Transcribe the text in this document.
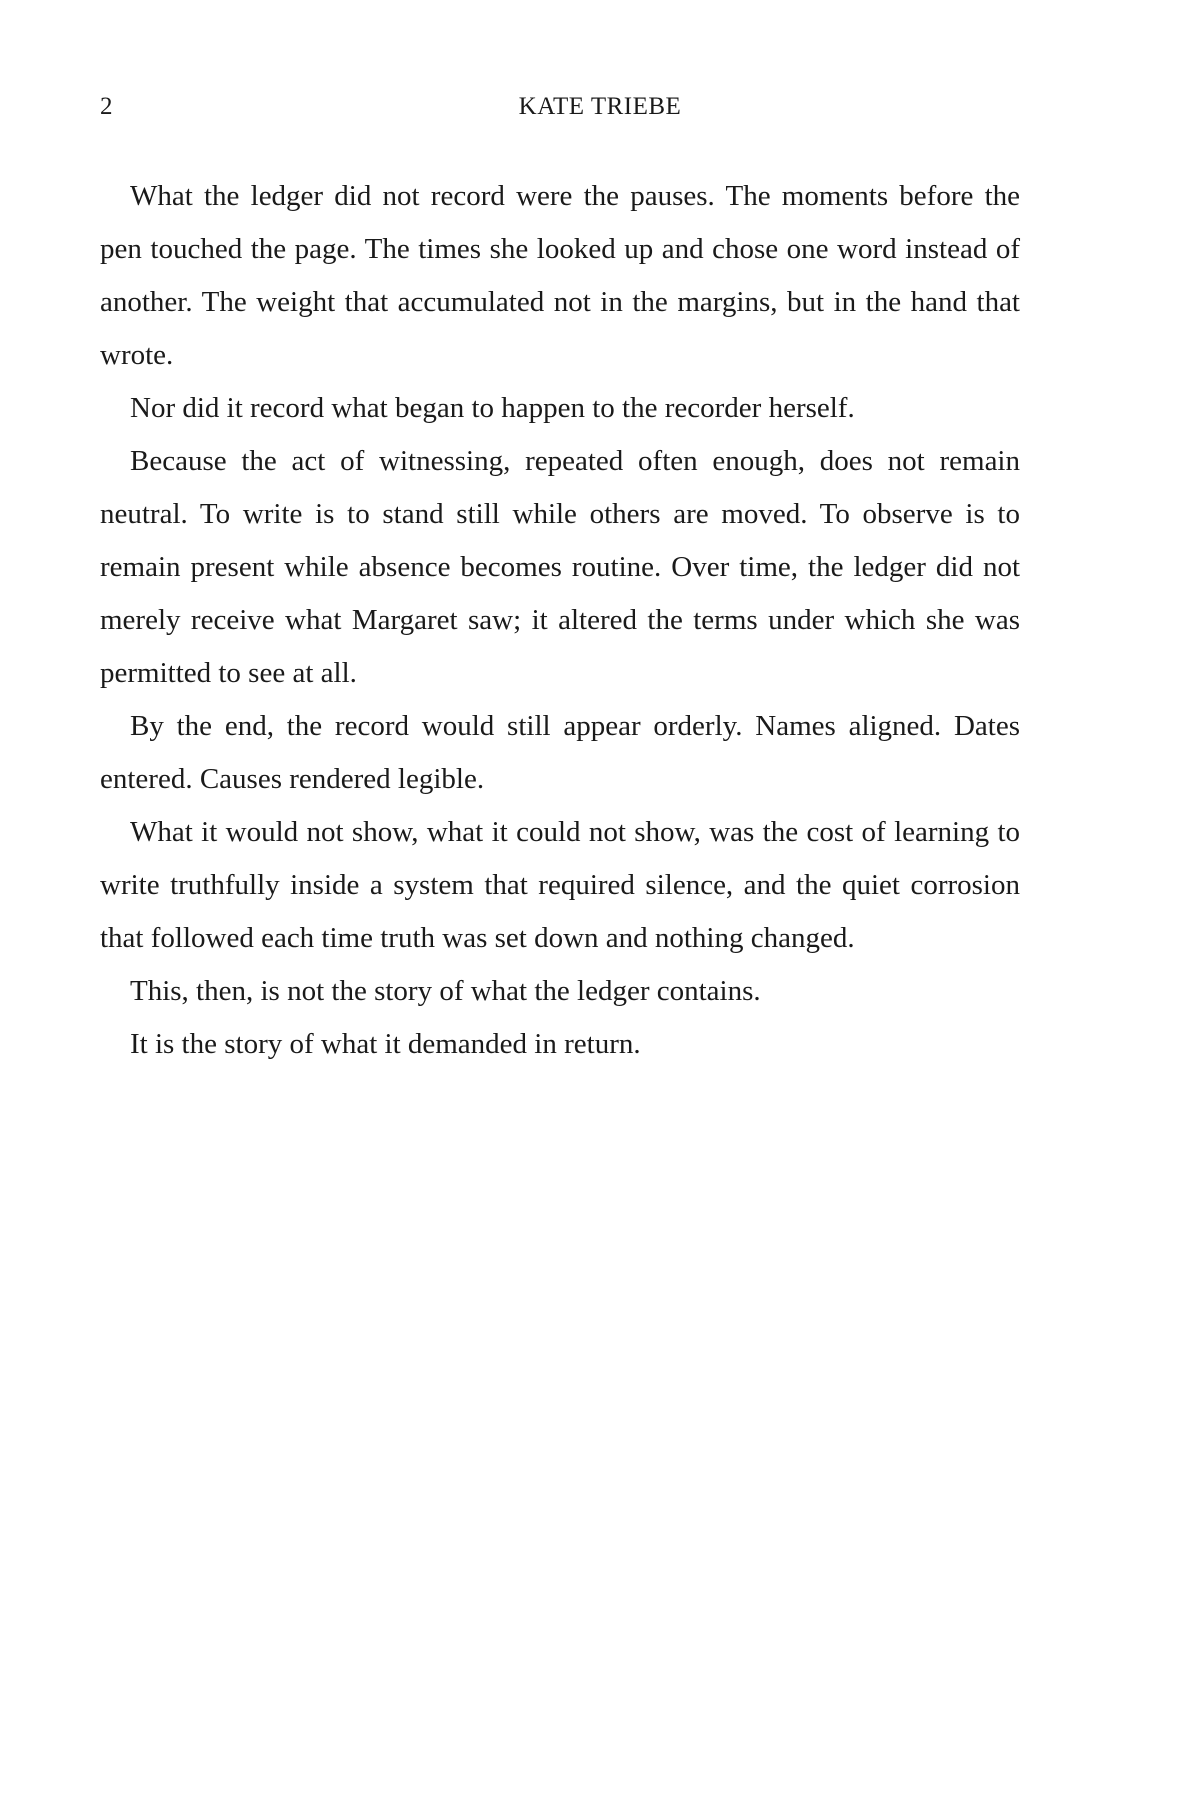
2	KATE TRIEBE

What the ledger did not record were the pauses. The moments before the pen touched the page. The times she looked up and chose one word instead of another. The weight that accumulated not in the margins, but in the hand that wrote.

Nor did it record what began to happen to the recorder herself.

Because the act of witnessing, repeated often enough, does not remain neutral. To write is to stand still while others are moved. To observe is to remain present while absence becomes routine. Over time, the ledger did not merely receive what Margaret saw; it altered the terms under which she was permitted to see at all.

By the end, the record would still appear orderly. Names aligned. Dates entered. Causes rendered legible.

What it would not show, what it could not show, was the cost of learning to write truthfully inside a system that required silence, and the quiet corrosion that followed each time truth was set down and nothing changed.

This, then, is not the story of what the ledger contains.

It is the story of what it demanded in return.
